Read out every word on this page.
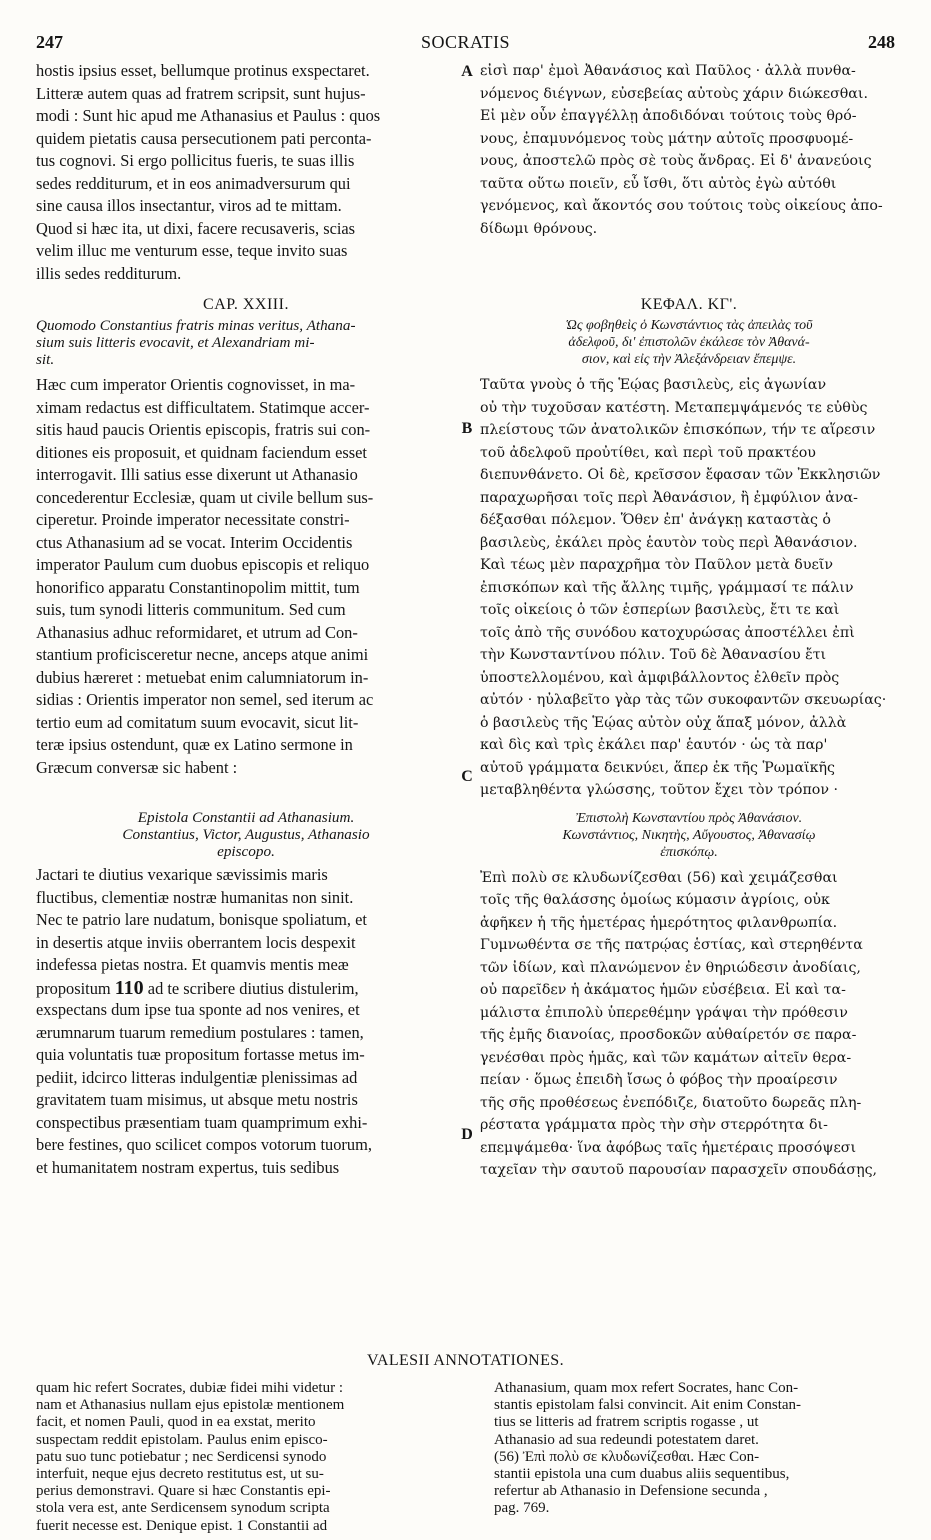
247	SOCRATIS	248
hostis ipsius esset, bellumque protinus exspectaret.
Litteræ autem quas ad fratrem scripsit, sunt hujus-
modi : Sunt hic apud me Athanasius et Paulus : quos
quidem pietatis causa persecutionem pati percontа-
tus cognovi. Si ergo pollicitus fueris, te suas illis
sedes redditurum, et in eos animadversurum qui
sine causa illos insectantur, viros ad te mittam.
Quod si hæc ita, ut dixi, facere recusaveris, scias
velim illuc me venturum esse, teque invito suas
illis sedes redditurum.
CAP. XXIII.
Quomodo Constantius fratris minas veritus, Athana-
sium suis litteris evocavit, et Alexandriam mi-
sit.
Hæc cum imperator Orientis cognovisset, in ma-
ximam redactus est difficultatem. Statimque accer-
sitis haud paucis Orientis episcopis, fratris sui con-
ditiones eis proposuit, et quidnam faciendum esset
interrogavit. Illi satius esse dixerunt ut Athanasio
concederentur Ecclesiæ, quam ut civile bellum sus-
ciperetur. Proinde imperator necessitate constri-
ctus Athanasium ad se vocat. Interim Occidentis
imperator Paulum cum duobus episcopis et reliquo
honorifico apparatu Constantinopolim mittit, tum
suis, tum synodi litteris communitum. Sed cum
Athanasius adhuc reformidaret, et utrum ad Con-
stantium proficisceretur necne, anceps atque animi
dubius hæreret : metuebat enim calumniatorum in-
sidias : Orientis imperator non semel, sed iterum ac
tertio eum ad comitatum suum evocavit, sicut lit-
teræ ipsius ostendunt, quæ ex Latino sermone in
Græcum conversæ sic habent :
Epistola Constantii ad Athanasium.
Constantius, Victor, Augustus, Athanasio
episcopo.
Jactari te diutius vexarique sævissimis maris
fluctibus, clementiæ nostræ humanitas non sinit.
Nec te patrio lare nudatum, bonisque spoliatum, et
in desertis atque inviis oberrantem locis despexit
indefessa pietas nostra. Et quamvis mentis meæ
propositum 110 ad te scribere diutius distulerim,
exspectans dum ipse tua sponte ad nos venires, et
ærumnarum tuarum remedium postulares : tamen,
quia voluntatis tuæ propositum fortasse metus im-
pediit, idcirco litteras indulgentiæ plenissimas ad
gravitatem tuam misimus, ut absque metu nostris
conspectibus præsentiam tuam quamprimum exhi-
bere festines, quo scilicet compos votorum tuorum,
et humanitatem nostram expertus, tuis sedibus
A
B
C
D
εἰσὶ παρ' ἐμοὶ Ἀθανάσιος καὶ Παῦλος · ἀλλὰ πυνθα-
νόμενος διέγνων, εὐσεβείας αὐτοὺς χάριν διώκεσθαι.
Εἰ μὲν οὖν ἐπαγγέλλῃ ἀποδιδόναι τούτοις τοὺς θρό-
νους, ἐπαμυνόμενος τοὺς μάτην αὐτοῖς προσφυομέ-
νους, ἀποστελῶ πρὸς σὲ τοὺς ἄνδρας. Εἰ δ' ἀνανεύοις
ταῦτα οὕτω ποιεῖν, εὖ ἴσθι, ὅτι αὐτὸς ἐγὼ αὐτόθι
γενόμενος, καὶ ἄκοντός σου τούτοις τοὺς οἰκείους ἀπο-
δίδωμι θρόνους.
ΚΕΦΑΛ. ΚΓ'.
Ὡς φοβηθεὶς ὁ Κωνστάντιος τὰς ἀπειλὰς τοῦ
ἀδελφοῦ, δι' ἐπιστολῶν ἐκάλεσε τὸν Ἀθανά-
σιον, καὶ εἰς τὴν Ἀλεξάνδρειαν ἔπεμψε.
Ταῦτα γνοὺς ὁ τῆς Ἑῴας βασιλεὺς, εἰς ἀγωνίαν
οὐ τὴν τυχοῦσαν κατέστη. Μεταπεμψάμενός τε εὐθὺς
πλείστους τῶν ἀνατολικῶν ἐπισκόπων, τήν τε αἵρεσιν
τοῦ ἀδελφοῦ προὐτίθει, καὶ περὶ τοῦ πρακτέου
διεπυνθάνετο. Οἱ δὲ, κρεῖσσον ἔφασαν τῶν Ἐκκλησιῶν
παραχωρῆσαι τοῖς περὶ Ἀθανάσιον, ἢ ἐμφύλιον ἀνα-
δέξασθαι πόλεμον. Ὅθεν ἐπ' ἀνάγκῃ καταστὰς ὁ
βασιλεὺς, ἐκάλει πρὸς ἑαυτὸν τοὺς περὶ Ἀθανάσιον.
Καὶ τέως μὲν παραχρῆμα τὸν Παῦλον μετὰ δυεῖν
ἐπισκόπων καὶ τῆς ἄλλης τιμῆς, γράμμασί τε πάλιν
τοῖς οἰκείοις ὁ τῶν ἑσπερίων βασιλεὺς, ἔτι τε καὶ
τοῖς ἀπὸ τῆς συνόδου κατοχυρώσας ἀποστέλλει ἐπὶ
τὴν Κωνσταντίνου πόλιν. Τοῦ δὲ Ἀθανασίου ἔτι
ὑποστελλομένου, καὶ ἀμφιβάλλοντος ἐλθεῖν πρὸς
αὐτόν · ηὐλαβεῖτο γὰρ τὰς τῶν συκοφαντῶν σκευωρίας·
ὁ βασιλεὺς τῆς Ἑῴας αὐτὸν οὐχ ἅπαξ μόνον, ἀλλὰ
καὶ δὶς καὶ τρὶς ἐκάλει παρ' ἑαυτόν · ὡς τὰ παρ'
αὐτοῦ γράμματα δεικνύει, ἅπερ ἐκ τῆς Ῥωμαϊκῆς
μεταβληθέντα γλώσσης, τοῦτον ἔχει τὸν τρόπον ·
Ἐπιστολὴ Κωνσταντίου πρὸς Ἀθανάσιον.
Κωνστάντιος, Νικητὴς, Αὔγουστος, Ἀθανασίῳ
ἐπισκόπῳ.
Ἐπὶ πολὺ σε κλυδωνίζεσθαι (56) καὶ χειμάζεσθαι
τοῖς τῆς θαλάσσης ὁμοίως κύμασιν ἀγρίοις, οὐκ
ἀφῆκεν ἡ τῆς ἡμετέρας ἡμερότητος φιλανθρωπία.
Γυμνωθέντα σε τῆς πατρῴας ἑστίας, καὶ στερηθέντα
τῶν ἰδίων, καὶ πλανώμενον ἐν θηριώδεσιν ἀνοδίαις,
οὐ παρεῖδεν ἡ ἀκάματος ἡμῶν εὐσέβεια. Εἰ καὶ τα-
μάλιστα ἐπιπολὺ ὑπερεθέμην γράψαι τὴν πρόθεσιν
τῆς ἐμῆς διανοίας, προσδοκῶν αὐθαίρετόν σε παρα-
γενέσθαι πρὸς ἡμᾶς, καὶ τῶν καμάτων αἰτεῖν θερα-
πείαν · ὅμως ἐπειδὴ ἴσως ὁ φόβος τὴν προαίρεσιν
τῆς σῆς προθέσεως ἐνεπόδιζε, διατοῦτο δωρεᾶς πλη-
ρέστατα γράμματα πρὸς τὴν σὴν στερρότητα δι-
επεμψάμεθα· ἵνα ἀφόβως ταῖς ἡμετέραις προσόψεσι
ταχεῖαν τὴν σαυτοῦ παρουσίαν παρασχεῖν σπουδάσῃς,
VALESII ANNOTATIONES.
quam hic refert Socrates, dubiæ fidei mihi videtur :
nam et Athanasius nullam ejus epistolæ mentionem
facit, et nomen Pauli, quod in ea exstat, merito
suspectam reddit epistolam. Paulus enim episco-
patu suo tunc potiebatur ; nec Serdicensi synodo
interfuit, neque ejus decreto restitutus est, ut su-
perius demonstravi. Quare si hæc Constantis epi-
stola vera est, ante Serdicensem synodum scripta
fuerit necesse est. Denique epist. 1 Constantii ad
Athanasium, quam mox refert Socrates, hanc Con-
stantis epistolam falsi convincit. Ait enim Constan-
tius se litteris ad fratrem scriptis rogasse , ut
Athanasio ad sua redeundi potestatem daret.
(56) Ἐπὶ πολὺ σε κλυδωνίζεσθαι. Hæc Con-
stantii epistola una cum duabus aliis sequentibus,
refertur ab Athanasio in Defensione secunda ,
pag. 769.
